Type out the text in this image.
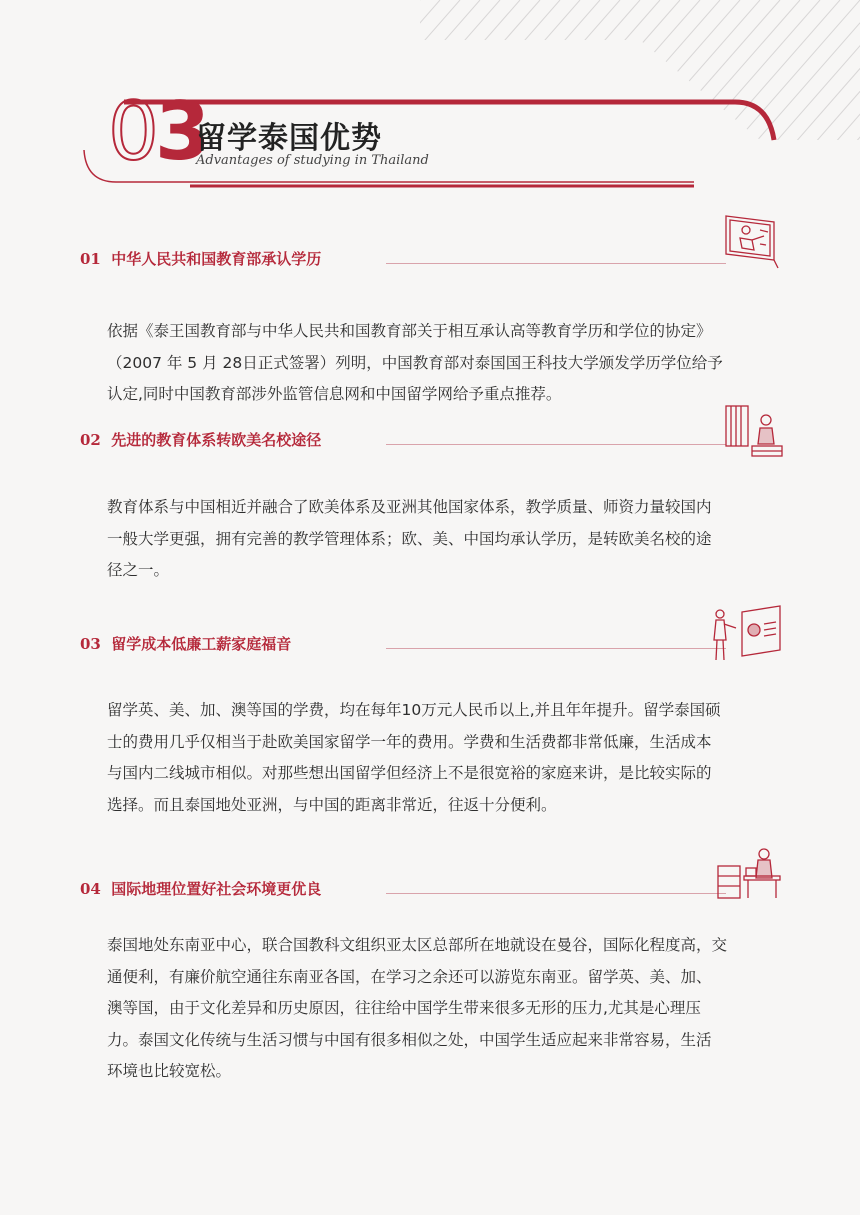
03
留学泰国优势
Advantages of studying in Thailand
01 中华人民共和国教育部承认学历

依据《泰王国教育部与中华人民共和国教育部关于相互承认高等教育学历和学位的协定》
（2007 年 5 月 28日正式签署）列明，中国教育部对泰国国王科技大学颁发学历学位给予
认定,同时中国教育部涉外监管信息网和中国留学网给予重点推荐。

02 先进的教育体系转欧美名校途径

教育体系与中国相近并融合了欧美体系及亚洲其他国家体系，教学质量、师资力量较国内
一般大学更强，拥有完善的教学管理体系；欧、美、中国均承认学历，是转欧美名校的途
径之一。

03 留学成本低廉工薪家庭福音

留学英、美、加、澳等国的学费，均在每年10万元人民币以上,并且年年提升。留学泰国硕
士的费用几乎仅相当于赴欧美国家留学一年的费用。学费和生活费都非常低廉，生活成本
与国内二线城市相似。对那些想出国留学但经济上不是很宽裕的家庭来讲，是比较实际的
选择。而且泰国地处亚洲，与中国的距离非常近，往返十分便利。

04 国际地理位置好社会环境更优良

泰国地处东南亚中心，联合国教科文组织亚太区总部所在地就设在曼谷，国际化程度高，交
通便利，有廉价航空通往东南亚各国，在学习之余还可以游览东南亚。留学英、美、加、
澳等国，由于文化差异和历史原因，往往给中国学生带来很多无形的压力,尤其是心理压
力。泰国文化传统与生活习惯与中国有很多相似之处，中国学生适应起来非常容易，生活
环境也比较宽松。
